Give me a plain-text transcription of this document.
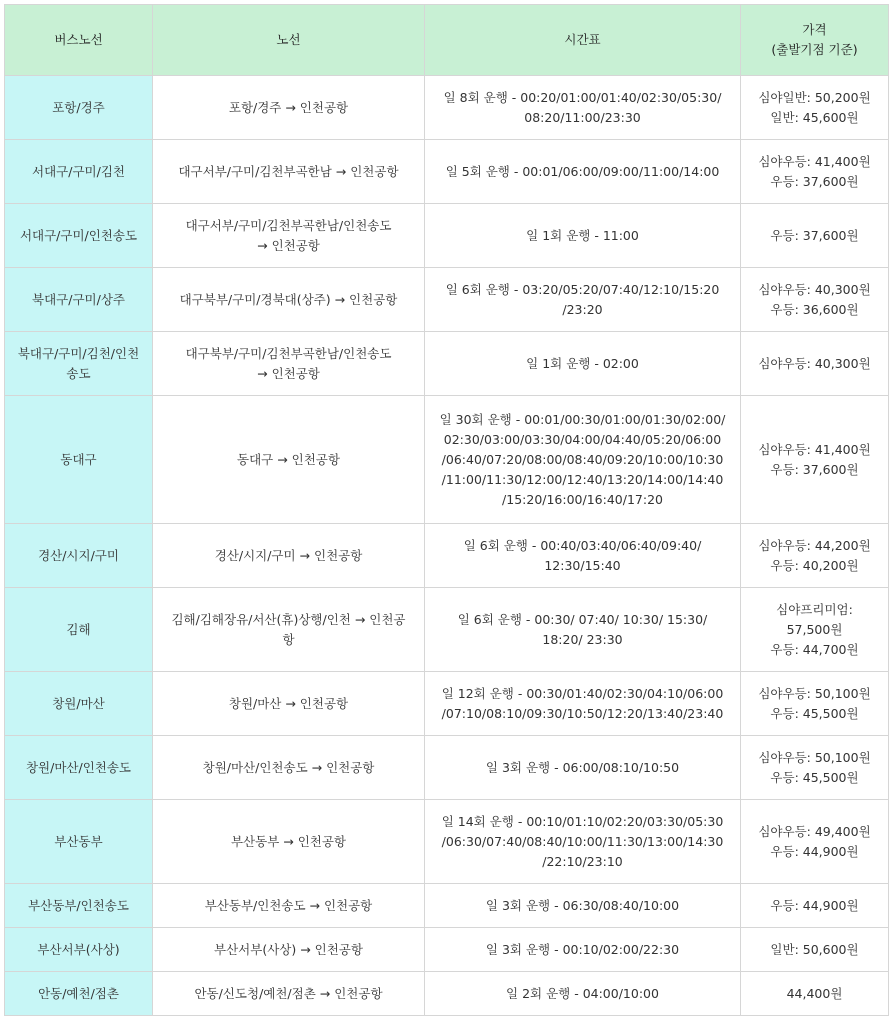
버스노선	노선	시간표	가격
(출발기점 기준)
포항/경주	포항/경주 → 인천공항	일 8회 운행 - 00:20/01:00/01:40/02:30/05:30/
08:20/11:00/23:30	심야일반: 50,200원
일반: 45,600원
서대구/구미/김천	대구서부/구미/김천부곡한남 → 인천공항	일 5회 운행 - 00:01/06:00/09:00/11:00/14:00	심야우등: 41,400원
우등: 37,600원
서대구/구미/인천송도	대구서부/구미/김천부곡한남/인천송도
→ 인천공항	일 1회 운행 - 11:00	우등: 37,600원
북대구/구미/상주	대구북부/구미/경북대(상주) → 인천공항	일 6회 운행 - 03:20/05:20/07:40/12:10/15:20
/23:20	심야우등: 40,300원
우등: 36,600원
북대구/구미/김천/인천
송도	대구북부/구미/김천부곡한남/인천송도
→ 인천공항	일 1회 운행 - 02:00	심야우등: 40,300원
동대구	동대구 → 인천공항	일 30회 운행 - 00:01/00:30/01:00/01:30/02:00/
02:30/03:00/03:30/04:00/04:40/05:20/06:00
/06:40/07:20/08:00/08:40/09:20/10:00/10:30
/11:00/11:30/12:00/12:40/13:20/14:00/14:40
/15:20/16:00/16:40/17:20	심야우등: 41,400원
우등: 37,600원
경산/시지/구미	경산/시지/구미 → 인천공항	일 6회 운행 - 00:40/03:40/06:40/09:40/
12:30/15:40	심야우등: 44,200원
우등: 40,200원
김해	김해/김해장유/서산(휴)상행/인천 → 인천공
항	일 6회 운행 - 00:30/ 07:40/ 10:30/ 15:30/
18:20/ 23:30	심야프리미엄:
57,500원
우등: 44,700원
창원/마산	창원/마산 → 인천공항	일 12회 운행 - 00:30/01:40/02:30/04:10/06:00
/07:10/08:10/09:30/10:50/12:20/13:40/23:40	심야우등: 50,100원
우등: 45,500원
창원/마산/인천송도	창원/마산/인천송도 → 인천공항	일 3회 운행 - 06:00/08:10/10:50	심야우등: 50,100원
우등: 45,500원
부산동부	부산동부 → 인천공항	일 14회 운행 - 00:10/01:10/02:20/03:30/05:30
/06:30/07:40/08:40/10:00/11:30/13:00/14:30
/22:10/23:10	심야우등: 49,400원
우등: 44,900원
부산동부/인천송도	부산동부/인천송도 → 인천공항	일 3회 운행 - 06:30/08:40/10:00	우등: 44,900원
부산서부(사상)	부산서부(사상) → 인천공항	일 3회 운행 - 00:10/02:00/22:30	일반: 50,600원
안동/예천/점촌	안동/신도청/예천/점촌 → 인천공항	일 2회 운행 - 04:00/10:00	44,400원
